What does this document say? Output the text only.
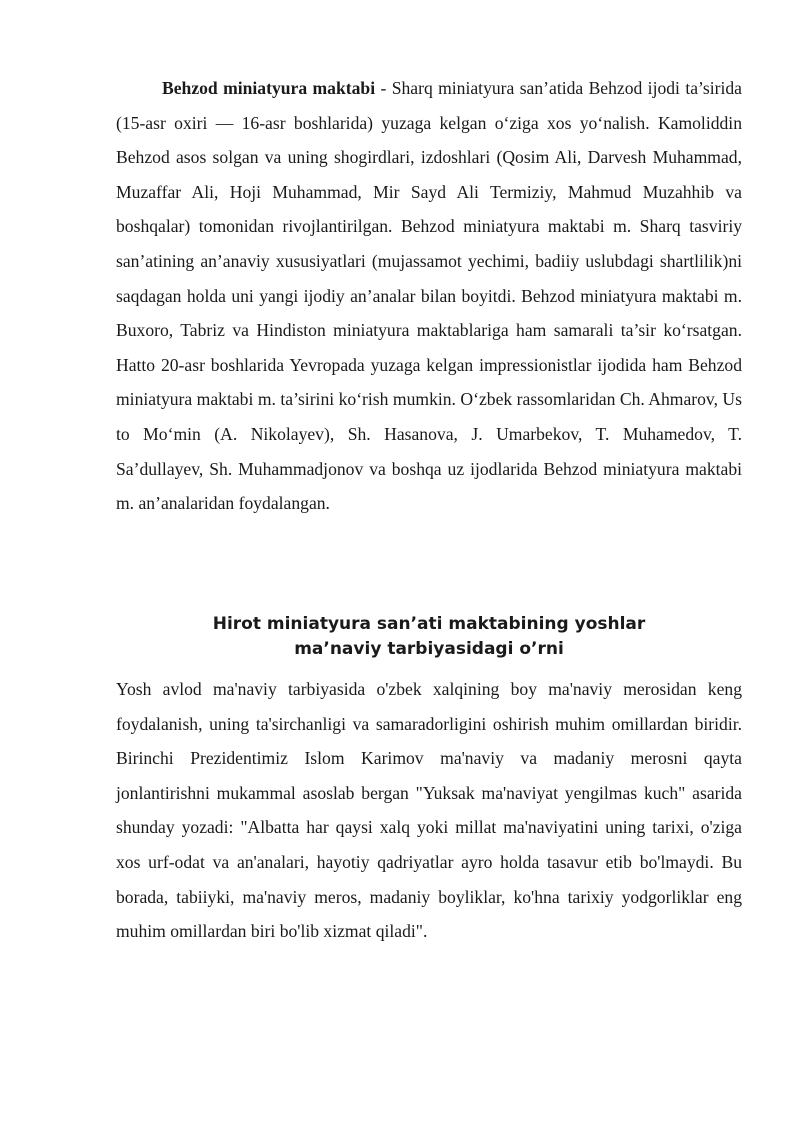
Behzod miniatyura maktabi - Sharq miniatyura san’atida Behzod ijodi ta’sirida (15-asr oxiri — 16-asr boshlarida) yuzaga kelgan o‘ziga xos yo‘nalish. Kamoliddin Behzod asos solgan va uning shogirdlari, izdoshlari (Qosim Ali, Darvesh Muhammad, Muzaffar Ali, Hoji Muhammad, Mir Sayd Ali Termiziy, Mahmud Muzahhib va boshqalar) tomonidan rivojlantirilgan. Behzod miniatyura maktabi m. Sharq tasviriy san’atining an’anaviy xususiyatlari (mujassamot yechimi, badiiy uslubdagi shartlilik)ni saqdagan holda uni yangi ijodiy an’analar bilan boyitdi. Behzod miniatyura maktabi m. Buxoro, Tabriz va Hindiston miniatyura maktablariga ham samarali ta’sir ko‘rsatgan. Hatto 20-asr boshlarida Yevropada yuzaga kelgan impressionistlar ijodida ham Behzod miniatyura maktabi m. ta’sirini ko‘rish mumkin. O‘zbek rassomlaridan Ch. Ahmarov, Us to Mo‘min (A. Nikolayev), Sh. Hasanova, J. Umarbekov, T. Muhamedov, T. Sa’dullayev, Sh. Muhammadjonov va boshqa uz ijodlarida Behzod miniatyura maktabi m. an’analaridan foydalangan.

Hirot miniatyura san’ati maktabining yoshlar
ma’naviy tarbiyasidagi o’rni

Yosh avlod ma'naviy tarbiyasida o'zbek xalqining boy ma'naviy merosidan keng foydalanish, uning ta'sirchanligi va samaradorligini oshirish muhim omillardan biridir. Birinchi Prezidentimiz Islom Karimov ma'naviy va madaniy merosni qayta jonlantirishni mukammal asoslab bergan "Yuksak ma'naviyat yengilmas kuch" asarida shunday yozadi: "Albatta har qaysi xalq yoki millat ma'naviyatini uning tarixi, o'ziga xos urf-odat va an'analari, hayotiy qadriyatlar ayro holda tasavur etib bo'lmaydi. Bu borada, tabiiyki, ma'naviy meros, madaniy boyliklar, ko'hna tarixiy yodgorliklar eng muhim omillardan biri bo'lib xizmat qiladi".
